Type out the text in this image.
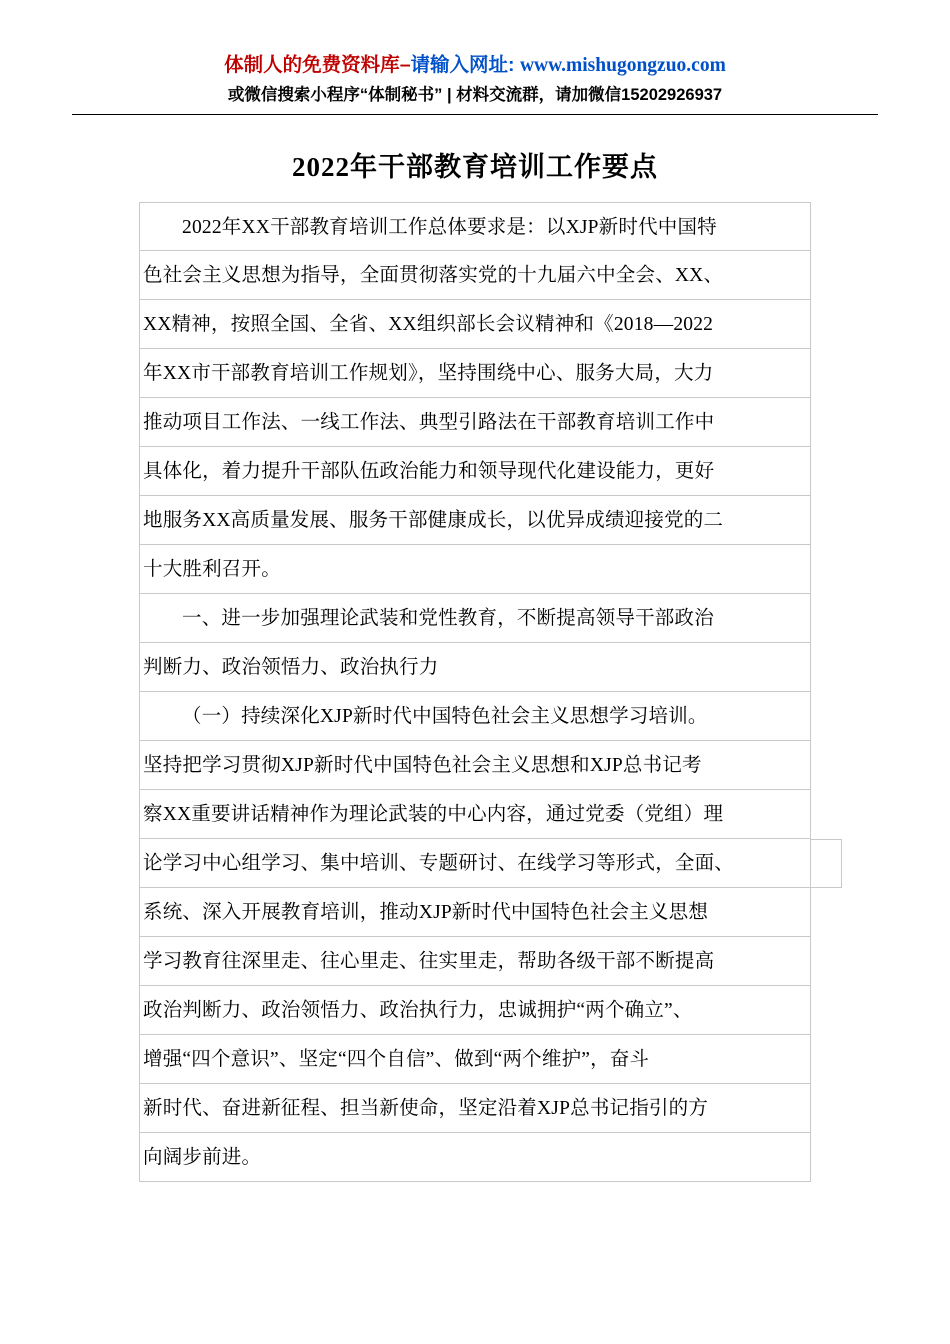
体制人的免费资料库–请输入网址: www.mishugongzuo.com
或微信搜索小程序“体制秘书” | 材料交流群，请加微信15202926937
2022年干部教育培训工作要点
2022年XX干部教育培训工作总体要求是：以XJP新时代中国特
色社会主义思想为指导，全面贯彻落实党的十九届六中全会、XX、
XX精神，按照全国、全省、XX组织部长会议精神和《2018—2022
年XX市干部教育培训工作规划》，坚持围绕中心、服务大局，大力
推动项目工作法、一线工作法、典型引路法在干部教育培训工作中
具体化，着力提升干部队伍政治能力和领导现代化建设能力，更好
地服务XX高质量发展、服务干部健康成长，以优异成绩迎接党的二
十大胜利召开。
一、进一步加强理论武装和党性教育，不断提高领导干部政治
判断力、政治领悟力、政治执行力
（一）持续深化XJP新时代中国特色社会主义思想学习培训。
坚持把学习贯彻XJP新时代中国特色社会主义思想和XJP总书记考
察XX重要讲话精神作为理论武装的中心内容，通过党委（党组）理
论学习中心组学习、集中培训、专题研讨、在线学习等形式，全面、
系统、深入开展教育培训，推动XJP新时代中国特色社会主义思想
学习教育往深里走、往心里走、往实里走，帮助各级干部不断提高
政治判断力、政治领悟力、政治执行力，忠诚拥护“两个确立”、
增强“四个意识”、坚定“四个自信”、做到“两个维护”，奋斗
新时代、奋进新征程、担当新使命，坚定沿着XJP总书记指引的方
向阔步前进。
